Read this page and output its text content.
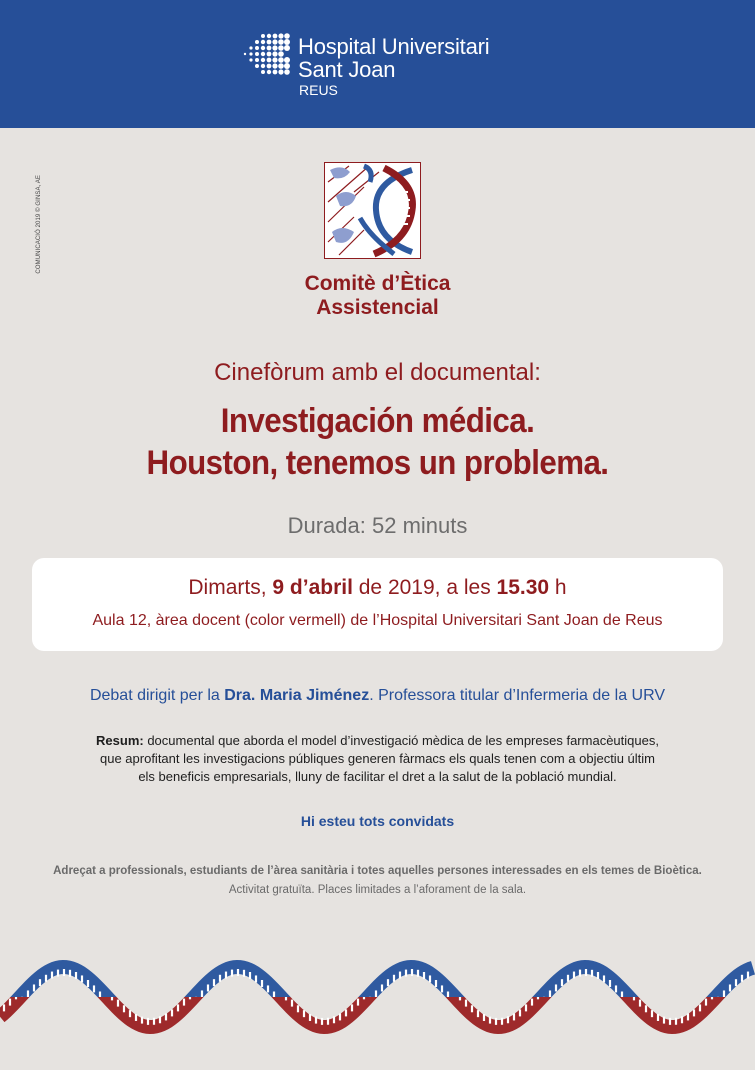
Hospital Universitari
Sant Joan
REUS
COMUNICACIÓ 2019 © GINSA, AE
Comitè d’Ètica
Assistencial
Cinefòrum amb el documental:
Investigación médica.
Houston, tenemos un problema.
Durada: 52 minuts
Dimarts, 9 d’abril de 2019, a les 15.30 h
Aula 12, àrea docent (color vermell) de l’Hospital Universitari Sant Joan de Reus
Debat dirigit per la Dra. Maria Jiménez. Professora titular d’Infermeria de la URV
Resum: documental que aborda el model d’investigació mèdica de les empreses farmacèutiques,
que aprofitant les investigacions públiques generen fàrmacs els quals tenen com a objectiu últim
els beneficis empresarials, lluny de facilitar el dret a la salut de la població mundial.
Hi esteu tots convidats
Adreçat a professionals, estudiants de l’àrea sanitària i totes aquelles persones interessades en els temes de Bioètica.
Activitat gratuïta. Places limitades a l’aforament de la sala.
